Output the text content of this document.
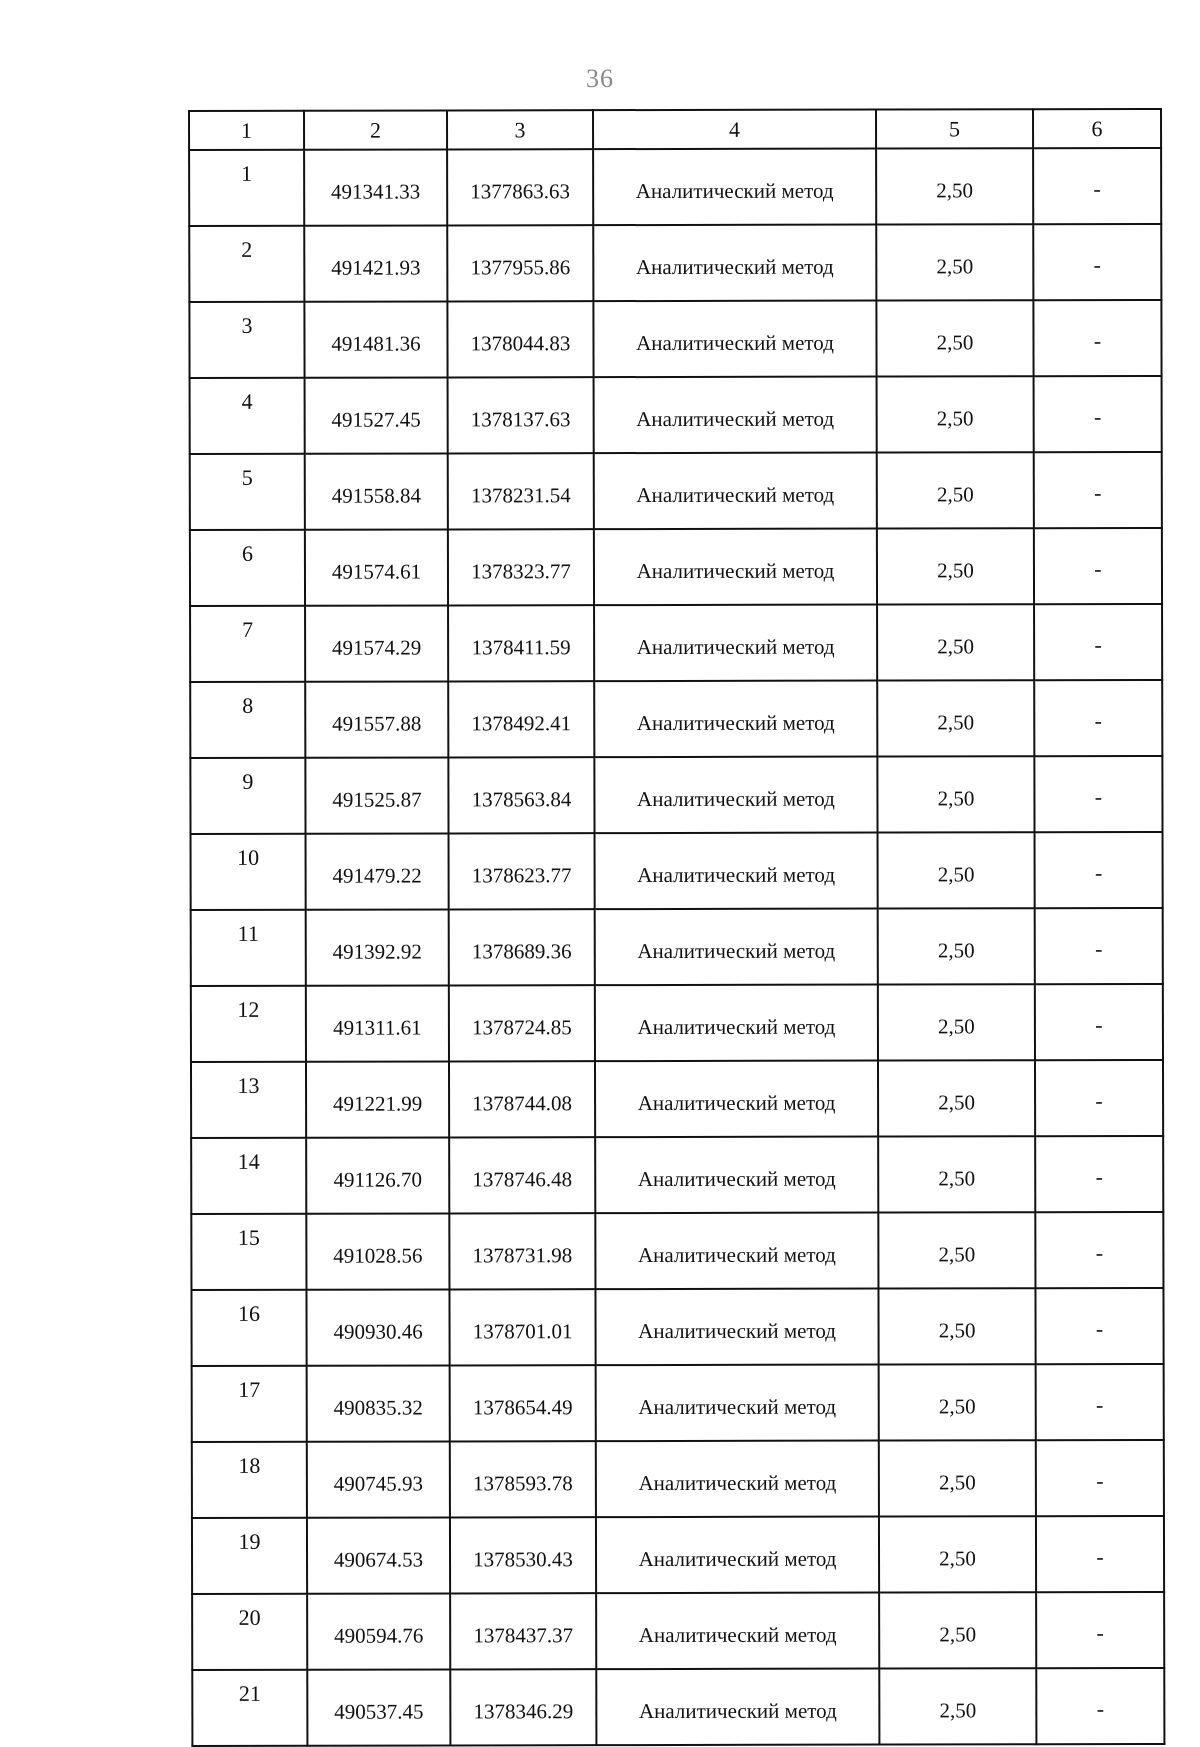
36
1	2	3	4	5	6
1	491341.33	1377863.63	Аналитический метод	2,50	-
2	491421.93	1377955.86	Аналитический метод	2,50	-
3	491481.36	1378044.83	Аналитический метод	2,50	-
4	491527.45	1378137.63	Аналитический метод	2,50	-
5	491558.84	1378231.54	Аналитический метод	2,50	-
6	491574.61	1378323.77	Аналитический метод	2,50	-
7	491574.29	1378411.59	Аналитический метод	2,50	-
8	491557.88	1378492.41	Аналитический метод	2,50	-
9	491525.87	1378563.84	Аналитический метод	2,50	-
10	491479.22	1378623.77	Аналитический метод	2,50	-
11	491392.92	1378689.36	Аналитический метод	2,50	-
12	491311.61	1378724.85	Аналитический метод	2,50	-
13	491221.99	1378744.08	Аналитический метод	2,50	-
14	491126.70	1378746.48	Аналитический метод	2,50	-
15	491028.56	1378731.98	Аналитический метод	2,50	-
16	490930.46	1378701.01	Аналитический метод	2,50	-
17	490835.32	1378654.49	Аналитический метод	2,50	-
18	490745.93	1378593.78	Аналитический метод	2,50	-
19	490674.53	1378530.43	Аналитический метод	2,50	-
20	490594.76	1378437.37	Аналитический метод	2,50	-
21	490537.45	1378346.29	Аналитический метод	2,50	-
